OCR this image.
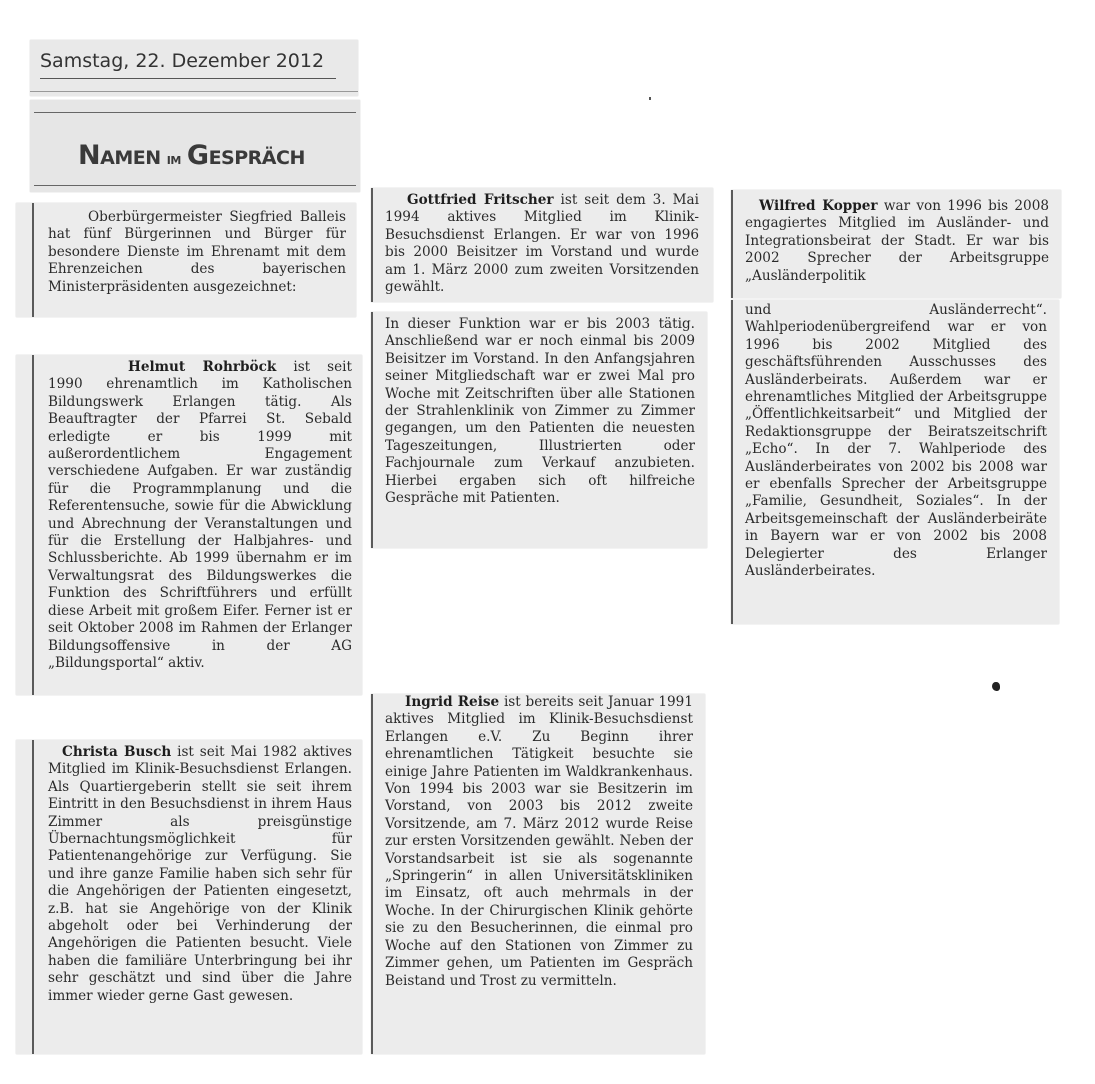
Samstag, 22. Dezember 2012
NAMEN IM GESPRÄCH

Oberbürgermeister Siegfried Balleis hat fünf Bürgerinnen und Bürger für besondere Dienste im Ehrenamt mit dem Ehrenzeichen des bayerischen Ministerpräsidenten ausgezeichnet:

Helmut Rohrböck ist seit 1990 ehrenamtlich im Katholischen Bildungswerk Erlangen tätig. Als Beauftragter der Pfarrei St. Sebald erledigte er bis 1999 mit außerordentlichem Engagement verschiedene Aufgaben. Er war zuständig für die Programmplanung und die Referentensuche, sowie für die Abwicklung und Abrechnung der Veranstaltungen und für die Erstellung der Halbjahres- und Schlussberichte. Ab 1999 übernahm er im Verwaltungsrat des Bildungswerkes die Funktion des Schriftführers und erfüllt diese Arbeit mit großem Eifer. Ferner ist er seit Oktober 2008 im Rahmen der Erlanger Bildungsoffensive in der AG „Bildungsportal“ aktiv.

Christa Busch ist seit Mai 1982 aktives Mitglied im Klinik-Besuchsdienst Erlangen. Als Quartiergeberin stellt sie seit ihrem Eintritt in den Besuchsdienst in ihrem Haus Zimmer als preisgünstige Übernachtungsmöglichkeit für Patientenangehörige zur Verfügung. Sie und ihre ganze Familie haben sich sehr für die Angehörigen der Patienten eingesetzt, z.B. hat sie Angehörige von der Klinik abgeholt oder bei Verhinderung der Angehörigen die Patienten besucht. Viele haben die familiäre Unterbringung bei ihr sehr geschätzt und sind über die Jahre immer wieder gerne Gast gewesen.

Gottfried Fritscher ist seit dem 3. Mai 1994 aktives Mitglied im Klinik-Besuchsdienst Erlangen. Er war von 1996 bis 2000 Beisitzer im Vorstand und wurde am 1. März 2000 zum zweiten Vorsitzenden gewählt.

In dieser Funktion war er bis 2003 tätig. Anschließend war er noch einmal bis 2009 Beisitzer im Vorstand. In den Anfangsjahren seiner Mitgliedschaft war er zwei Mal pro Woche mit Zeitschriften über alle Stationen der Strahlenklinik von Zimmer zu Zimmer gegangen, um den Patienten die neuesten Tageszeitungen, Illustrierten oder Fachjournale zum Verkauf anzubieten. Hierbei ergaben sich oft hilfreiche Gespräche mit Patienten.

Ingrid Reise ist bereits seit Januar 1991 aktives Mitglied im Klinik-Besuchsdienst Erlangen e.V. Zu Beginn ihrer ehrenamtlichen Tätigkeit besuchte sie einige Jahre Patienten im Waldkrankenhaus. Von 1994 bis 2003 war sie Besitzerin im Vorstand, von 2003 bis 2012 zweite Vorsitzende, am 7. März 2012 wurde Reise zur ersten Vorsitzenden gewählt. Neben der Vorstandsarbeit ist sie als sogenannte „Springerin“ in allen Universitätskliniken im Einsatz, oft auch mehrmals in der Woche. In der Chirurgischen Klinik gehörte sie zu den Besucherinnen, die einmal pro Woche auf den Stationen von Zimmer zu Zimmer gehen, um Patienten im Gespräch Beistand und Trost zu vermitteln.

Wilfred Kopper war von 1996 bis 2008 engagiertes Mitglied im Ausländer- und Integrationsbeirat der Stadt. Er war bis 2002 Sprecher der Arbeitsgruppe „Ausländerpolitik

und Ausländerrecht“. Wahlperiodenübergreifend war er von 1996 bis 2002 Mitglied des geschäftsführenden Ausschusses des Ausländerbeirats. Außerdem war er ehrenamtliches Mitglied der Arbeitsgruppe „Öffentlichkeitsarbeit“ und Mitglied der Redaktionsgruppe der Beiratszeitschrift „Echo“. In der 7. Wahlperiode des Ausländerbeirates von 2002 bis 2008 war er ebenfalls Sprecher der Arbeitsgruppe „Familie, Gesundheit, Soziales“. In der Arbeitsgemeinschaft der Ausländerbeiräte in Bayern war er von 2002 bis 2008 Delegierter des Erlanger Ausländerbeirates.
